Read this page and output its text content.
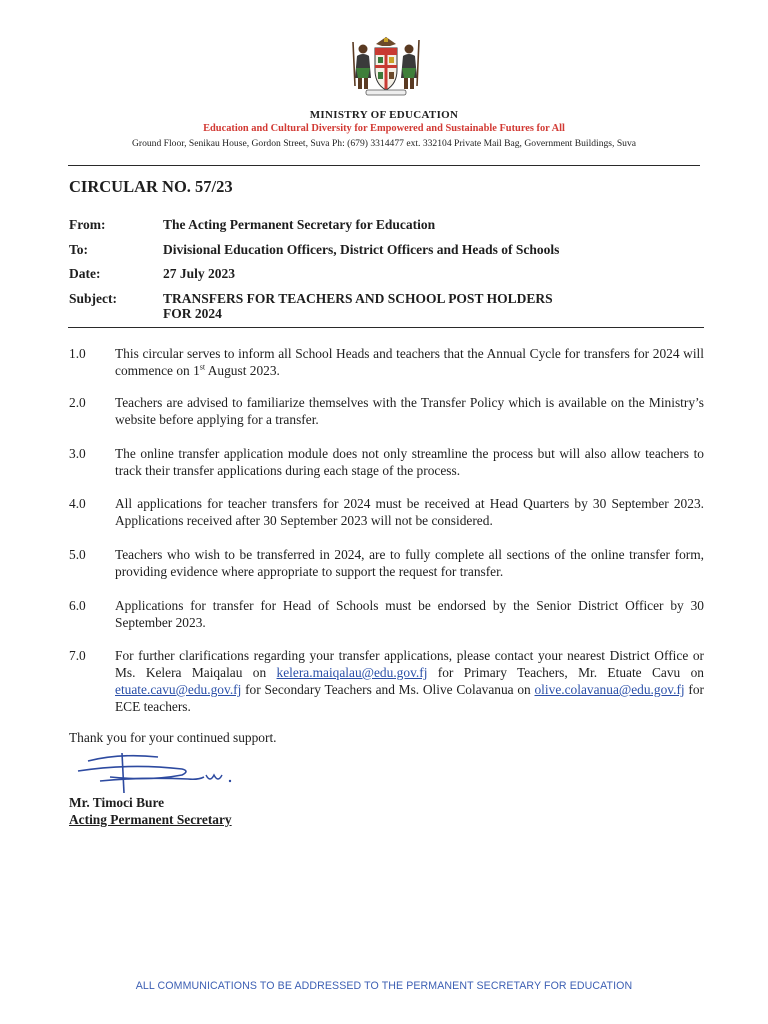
MINISTRY OF EDUCATION
Education and Cultural Diversity for Empowered and Sustainable Futures for All
Ground Floor, Senikau House, Gordon Street, Suva Ph: (679) 3314477 ext. 332104 Private Mail Bag, Government Buildings, Suva
CIRCULAR NO. 57/23
From:	The Acting Permanent Secretary for Education
To:	Divisional Education Officers, District Officers and Heads of Schools
Date:	27 July 2023
Subject:	TRANSFERS FOR TEACHERS AND SCHOOL POST HOLDERS
FOR 2024
1.0	This circular serves to inform all School Heads and teachers that the Annual Cycle for transfers for 2024 will commence on 1st August 2023.
2.0	Teachers are advised to familiarize themselves with the Transfer Policy which is available on the Ministry’s website before applying for a transfer.
3.0	The online transfer application module does not only streamline the process but will also allow teachers to track their transfer applications during each stage of the process.
4.0	All applications for teacher transfers for 2024 must be received at Head Quarters by 30 September 2023. Applications received after 30 September 2023 will not be considered.
5.0	Teachers who wish to be transferred in 2024, are to fully complete all sections of the online transfer form, providing evidence where appropriate to support the request for transfer.
6.0	Applications for transfer for Head of Schools must be endorsed by the Senior District Officer by 30 September 2023.
7.0	For further clarifications regarding your transfer applications, please contact your nearest District Office or Ms. Kelera Maiqalau on kelera.maiqalau@edu.gov.fj for Primary Teachers, Mr. Etuate Cavu on etuate.cavu@edu.gov.fj for Secondary Teachers and Ms. Olive Colavanua on olive.colavanua@edu.gov.fj for ECE teachers.
Thank you for your continued support.
Mr. Timoci Bure
Acting Permanent Secretary
ALL COMMUNICATIONS TO BE ADDRESSED TO THE PERMANENT SECRETARY FOR EDUCATION
